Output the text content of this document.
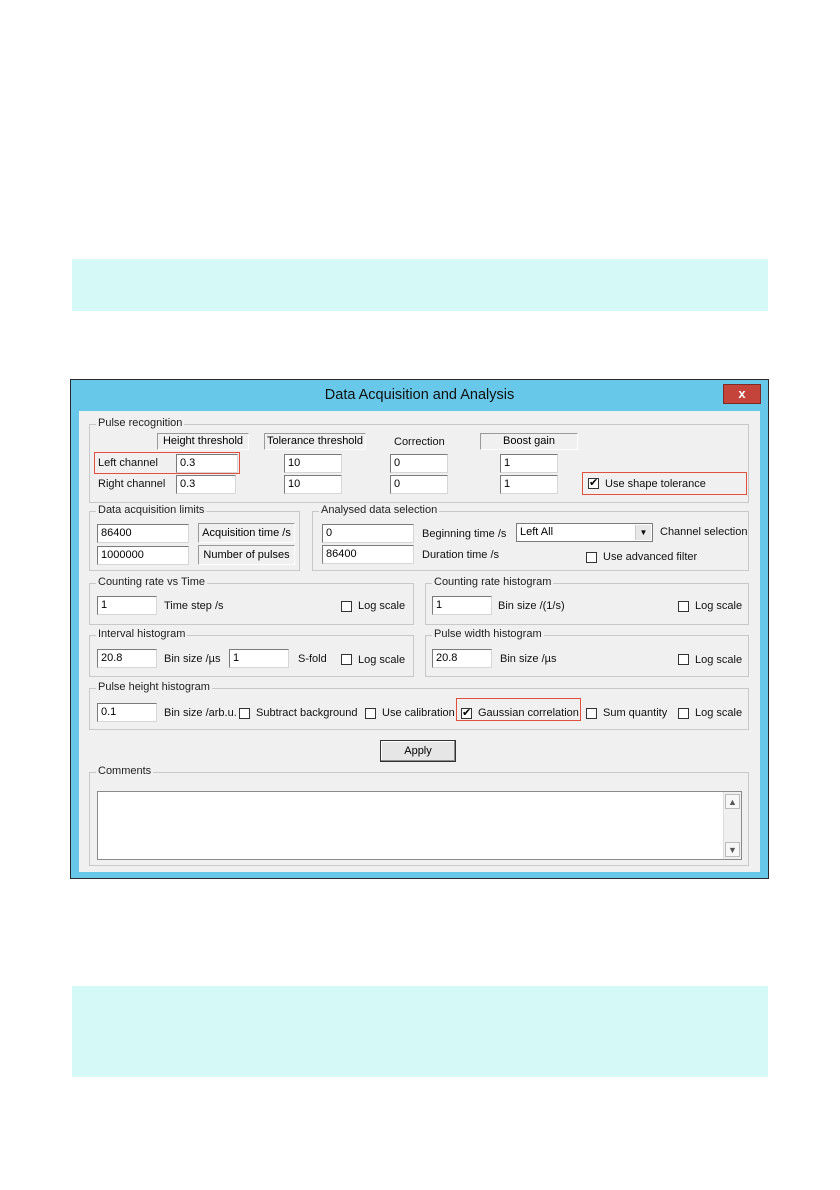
Data Acquisition and Analysis	x
Pulse recognition
Height threshold	Tolerance threshold	Correction	Boost gain
Left channel	0.3	10	0	1
Right channel	0.3	10	0	1	✔ Use shape tolerance
Data acquisition limits
86400	Acquisition time /s
1000000	Number of pulses
Analysed data selection
0	Beginning time /s
86400	Duration time /s
Left All	▼	Channel selection
Use advanced filter
Counting rate vs Time
1	Time step /s	Log scale
Counting rate histogram
1	Bin size /(1/s)	Log scale
Interval histogram
20.8	Bin size /µs	1	S-fold	Log scale
Pulse width histogram
20.8	Bin size /µs	Log scale
Pulse height histogram
0.1	Bin size /arb.u. Subtract background Use calibration ✔ Gaussian correlation Sum quantity	Log scale
Apply
Comments
▲
▼
